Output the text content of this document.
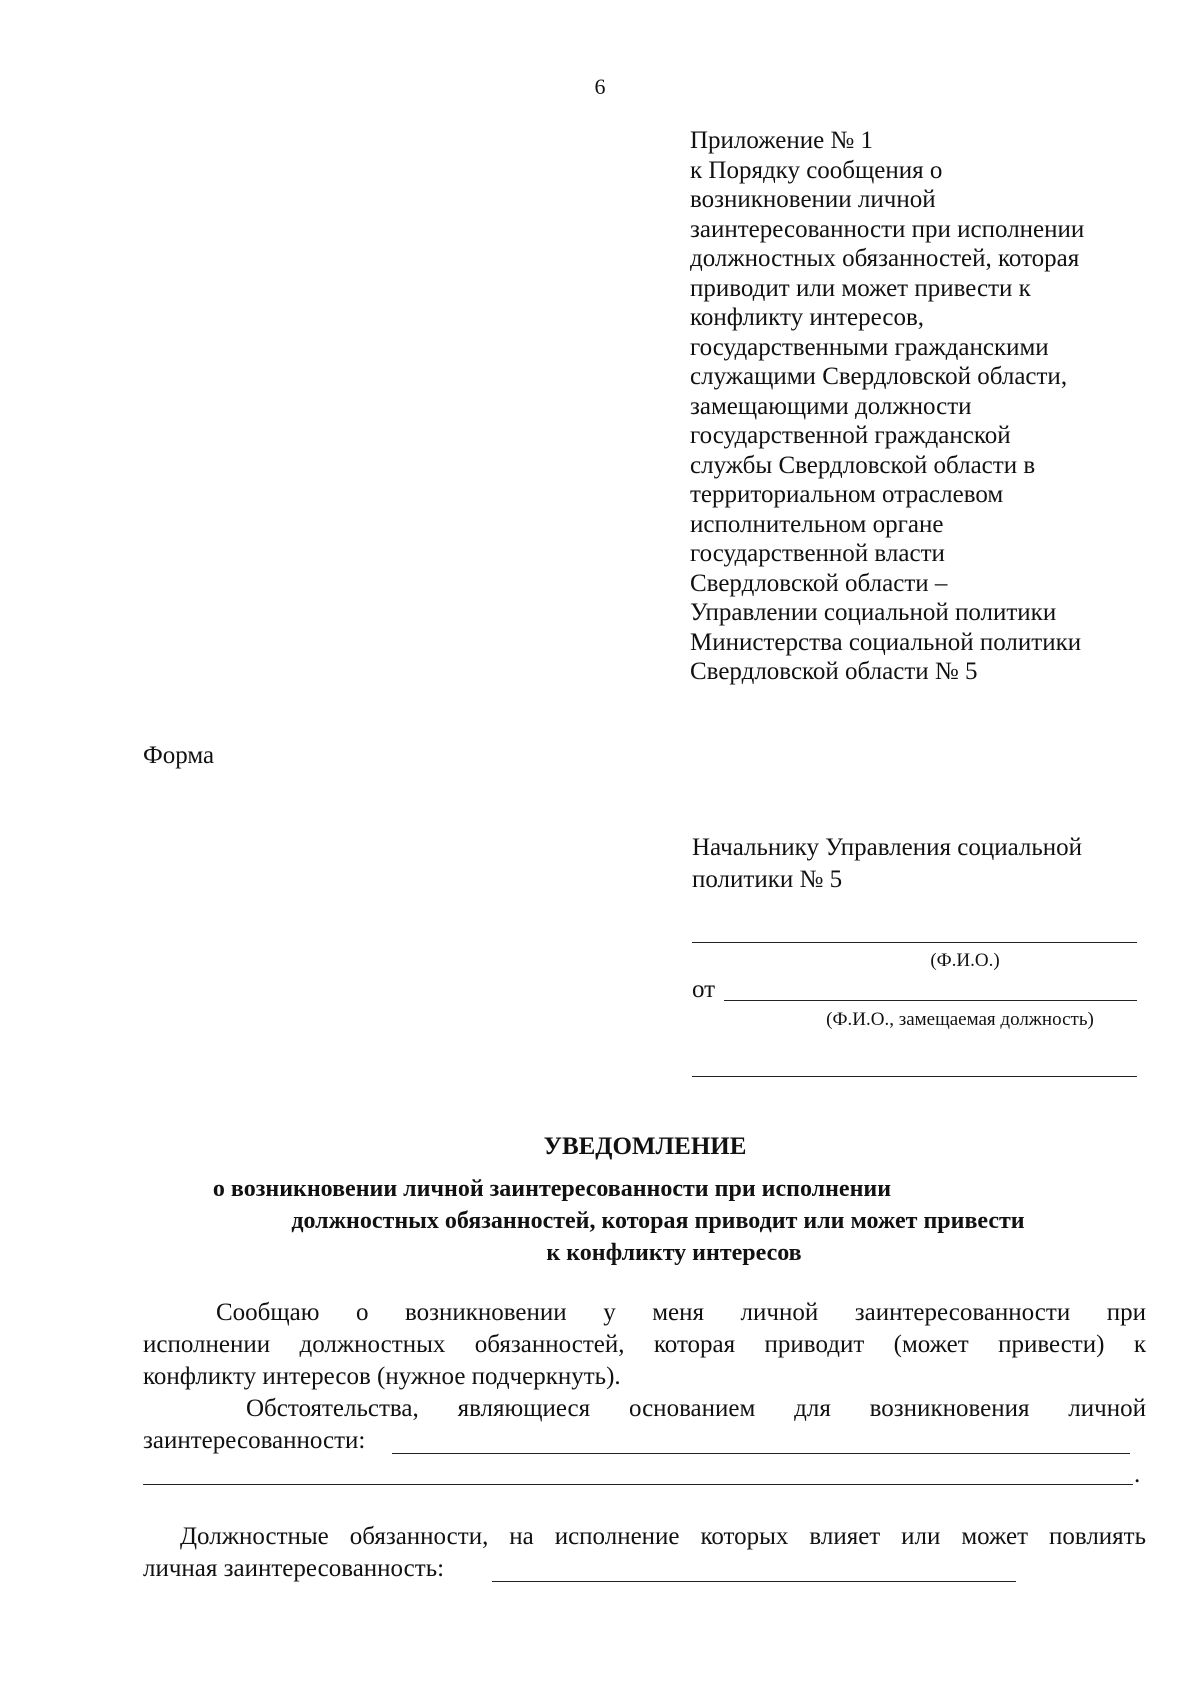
6
Приложение № 1
к Порядку сообщения о
возникновении личной
заинтересованности при исполнении
должностных обязанностей, которая
приводит или может привести к
конфликту интересов,
государственными гражданскими
служащими Свердловской области,
замещающими должности
государственной гражданской
службы Свердловской области в
территориальном отраслевом
исполнительном органе
государственной власти
Свердловской области –
Управлении социальной политики
Министерства социальной политики
Свердловской области № 5
Форма
Начальнику Управления социальной
политики № 5
(Ф.И.О.)
от
(Ф.И.О., замещаемая должность)
УВЕДОМЛЕНИЕ
о возникновении личной заинтересованности при исполнении
должностных обязанностей, которая приводит или может привести
к конфликту интересов
Сообщаю о возникновении у меня личной заинтересованности при
исполнении должностных обязанностей, которая приводит (может привести) к
конфликту интересов (нужное подчеркнуть).
Обстоятельства, являющиеся основанием для возникновения личной
заинтересованности:
.
Должностные обязанности, на исполнение которых влияет или может повлиять
личная заинтересованность:
